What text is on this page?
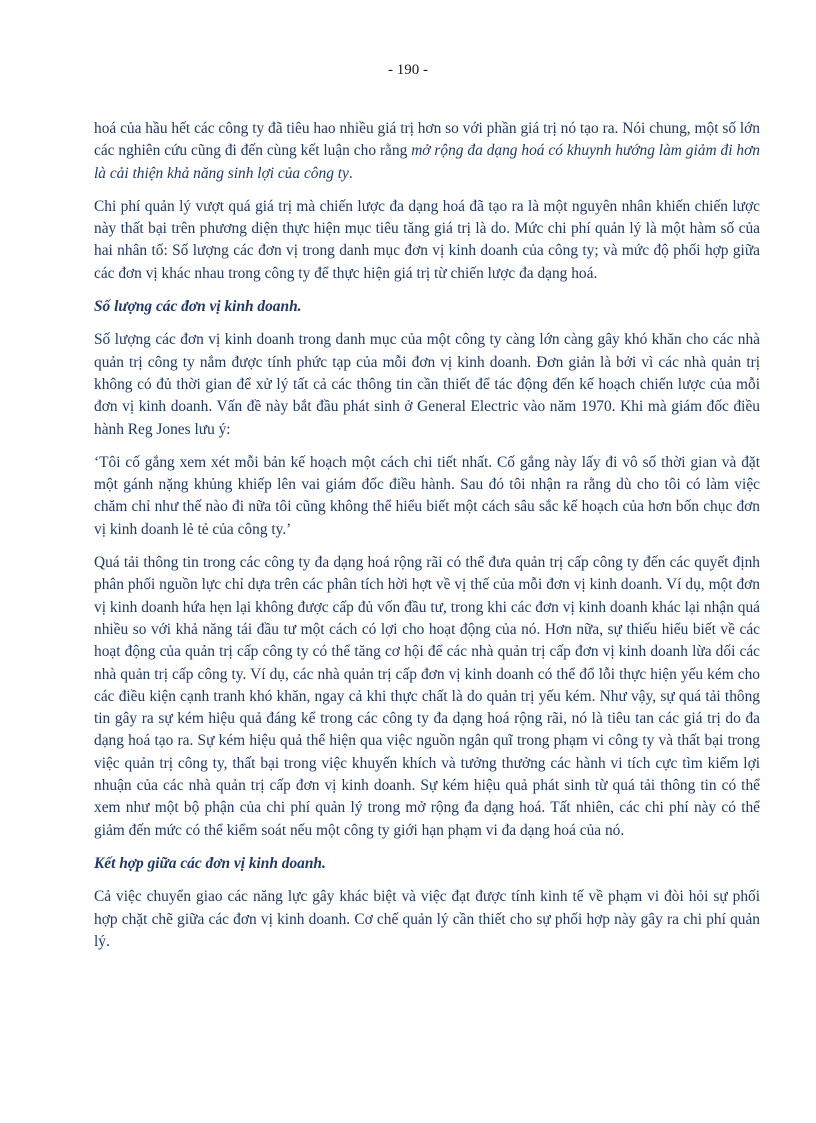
- 190 -

hoá của hầu hết các công ty đã tiêu hao nhiều giá trị hơn so với phần giá trị nó tạo ra. Nói chung, một số lớn các nghiên cứu cũng đi đến cùng kết luận cho rằng mở rộng đa dạng hoá có khuynh hướng làm giảm đi hơn là cải thiện khả năng sinh lợi của công ty.

Chi phí quản lý vượt quá giá trị mà chiến lược đa dạng hoá đã tạo ra là một nguyên nhân khiến chiến lược này thất bại trên phương diện thực hiện mục tiêu tăng giá trị là do. Mức chi phí quản lý là một hàm số của hai nhân tố: Số lượng các đơn vị trong danh mục đơn vị kinh doanh của công ty; và mức độ phối hợp giữa các đơn vị khác nhau trong công ty để thực hiện giá trị từ chiến lược đa dạng hoá.

Số lượng các đơn vị kinh doanh.

Số lượng các đơn vị kinh doanh trong danh mục của một công ty càng lớn càng gây khó khăn cho các nhà quản trị công ty nắm được tính phức tạp của mỗi đơn vị kinh doanh. Đơn giản là bởi vì các nhà quản trị không có đủ thời gian để xử lý tất cả các thông tin cần thiết để tác động đến kế hoạch chiến lược của mỗi đơn vị kinh doanh. Vấn đề này bắt đầu phát sinh ở General Electric vào năm 1970. Khi mà giám đốc điều hành Reg Jones lưu ý:

‘Tôi cố gắng xem xét mỗi bản kế hoạch một cách chi tiết nhất. Cố gắng này lấy đi vô số thời gian và đặt một gánh nặng khủng khiếp lên vai giám đốc điều hành. Sau đó tôi nhận ra rằng dù cho tôi có làm việc chăm chỉ như thế nào đi nữa tôi cũng không thể hiểu biết một cách sâu sắc kế hoạch của hơn bốn chục đơn vị kinh doanh lẻ tẻ của công ty.’

Quá tải thông tin trong các công ty đa dạng hoá rộng rãi có thể đưa quản trị cấp công ty đến các quyết định phân phối nguồn lực chỉ dựa trên các phân tích hời hợt về vị thế của mỗi đơn vị kinh doanh. Ví dụ, một đơn vị kinh doanh hứa hẹn lại không được cấp đủ vốn đầu tư, trong khi các đơn vị kinh doanh khác lại nhận quá nhiều so với khả năng tái đầu tư một cách có lợi cho hoạt động của nó. Hơn nữa, sự thiếu hiểu biết về các hoạt động của quản trị cấp công ty có thể tăng cơ hội để các nhà quản trị cấp đơn vị kinh doanh lừa dối các nhà quản trị cấp công ty. Ví dụ, các nhà quản trị cấp đơn vị kinh doanh có thể đổ lỗi thực hiện yếu kém cho các điều kiện cạnh tranh khó khăn, ngay cả khi thực chất là do quản trị yếu kém. Như vậy, sự quá tải thông tin gây ra sự kém hiệu quả đáng kể trong các công ty đa dạng hoá rộng rãi, nó là tiêu tan các giá trị do đa dạng hoá tạo ra. Sự kém hiệu quả thể hiện qua việc nguồn ngân quĩ trong phạm vi công ty và thất bại trong việc quản trị công ty, thất bại trong việc khuyến khích và tưởng thưởng các hành vi tích cực tìm kiếm lợi nhuận của các nhà quản trị cấp đơn vị kinh doanh. Sự kém hiệu quả phát sinh từ quá tải thông tin có thể xem như một bộ phận của chi phí quản lý trong mở rộng đa dạng hoá. Tất nhiên, các chi phí này có thể giảm đến mức có thể kiểm soát nếu một công ty giới hạn phạm vi đa dạng hoá của nó.

Kết hợp giữa các đơn vị kinh doanh.

Cả việc chuyển giao các năng lực gây khác biệt và việc đạt được tính kinh tế về phạm vi đòi hỏi sự phối hợp chặt chẽ giữa các đơn vị kinh doanh. Cơ chế quản lý cần thiết cho sự phối hợp này gây ra chi phí quản lý.
